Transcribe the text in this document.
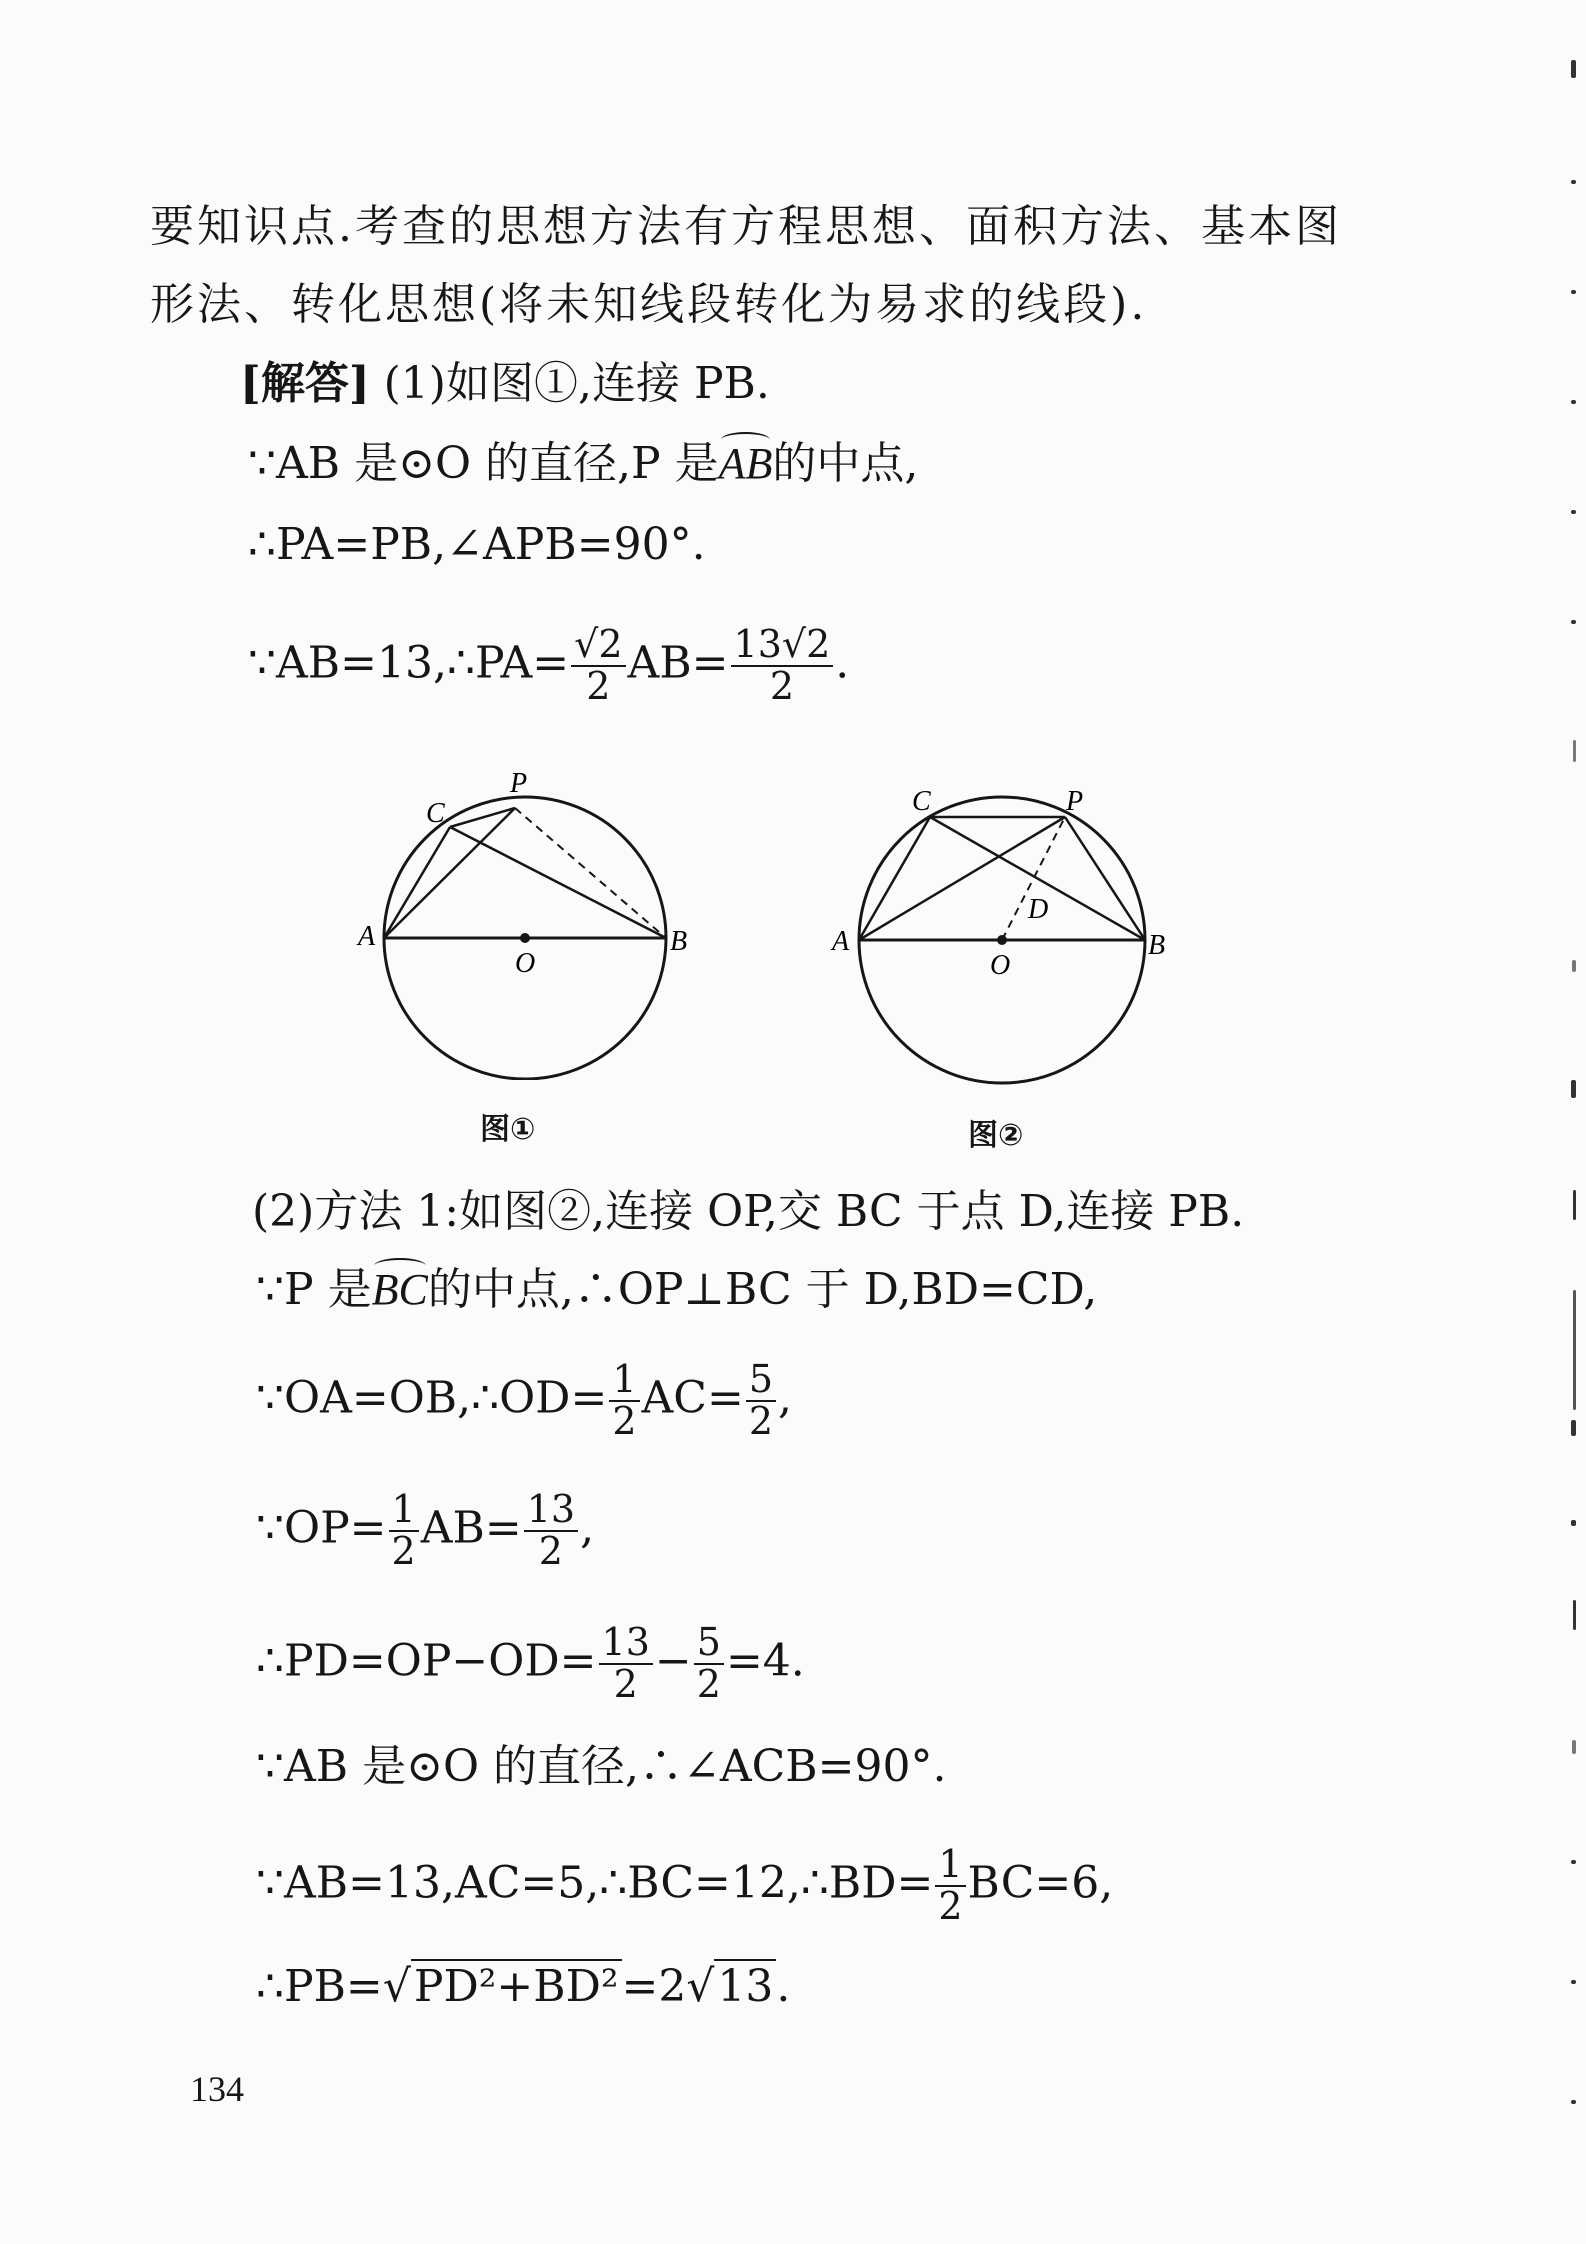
要知识点.考查的思想方法有方程思想、面积方法、基本图
形法、转化思想(将未知线段转化为易求的线段).
[解答] (1)如图①,连接 PB.
∵AB 是⊙O 的直径,P 是AB的中点,
∴PA=PB,∠APB=90°.
∵AB=13,∴PA= $\frac{√2}{2} AB= \frac{13√2}{2}$ .
A	B
C
P
O
图①
A	B
C	P
O
D
图②
(2)方法 1:如图②,连接 OP,交 BC 于点 D,连接 PB.
∵P 是BC的中点,∴OP⊥BC 于 D,BD=CD,
∵OA=OB,∴OD= $\frac{1}{2} AC= \frac{5}{2}$ ,
∵OP= $\frac{1}{2} AB= \frac{13}{2}$ ,
∴PD=OP−OD= $\frac{13}{2} - \frac{5}{2} =4$.
∵AB 是⊙O 的直径,∴∠ACB=90°.
∵AB=13,AC=5,∴BC=12,∴BD= $\frac{1}{2} BC=6$,
∴PB=√PD²+BD²=2√13.
134
